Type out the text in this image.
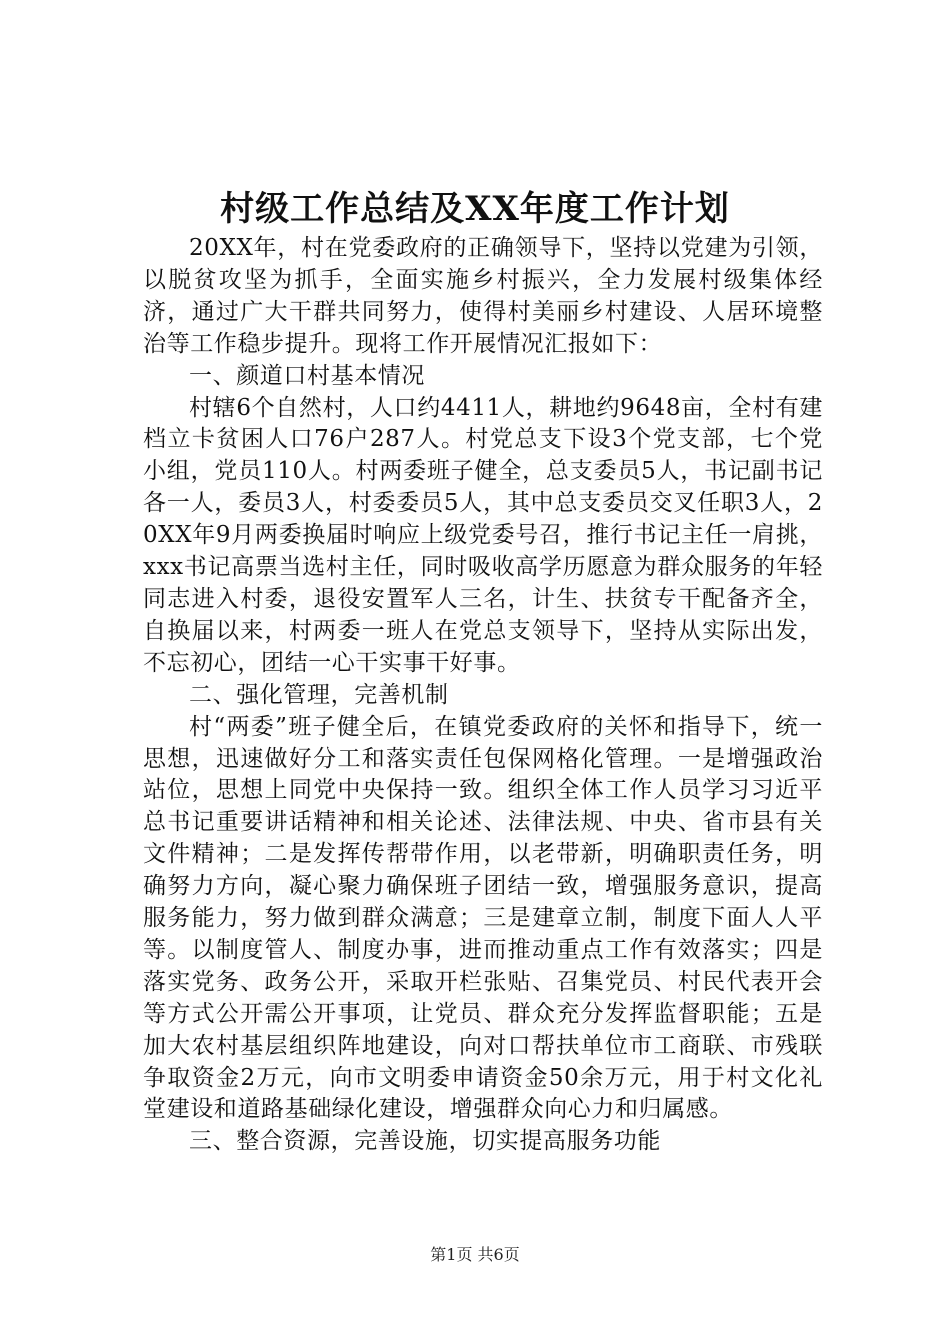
村级工作总结及XX年度工作计划

20XX年，村在党委政府的正确领导下，坚持以党建为引领，以脱贫攻坚为抓手，全面实施乡村振兴，全力发展村级集体经济，通过广大干群共同努力，使得村美丽乡村建设、人居环境整治等工作稳步提升。现将工作开展情况汇报如下：

一、颜道口村基本情况

村辖6个自然村，人口约4411人，耕地约9648亩，全村有建档立卡贫困人口76户287人。村党总支下设3个党支部，七个党小组，党员110人。村两委班子健全，总支委员5人，书记副书记各一人，委员3人，村委委员5人，其中总支委员交叉任职3人，20XX年9月两委换届时响应上级党委号召，推行书记主任一肩挑，xxx书记高票当选村主任，同时吸收高学历愿意为群众服务的年轻同志进入村委，退役安置军人三名，计生、扶贫专干配备齐全，自换届以来，村两委一班人在党总支领导下，坚持从实际出发，不忘初心，团结一心干实事干好事。

二、强化管理，完善机制

村“两委”班子健全后，在镇党委政府的关怀和指导下，统一思想，迅速做好分工和落实责任包保网格化管理。一是增强政治站位，思想上同党中央保持一致。组织全体工作人员学习习近平总书记重要讲话精神和相关论述、法律法规、中央、省市县有关文件精神；二是发挥传帮带作用，以老带新，明确职责任务，明确努力方向，凝心聚力确保班子团结一致，增强服务意识，提高服务能力，努力做到群众满意；三是建章立制，制度下面人人平等。以制度管人、制度办事，进而推动重点工作有效落实；四是落实党务、政务公开，采取开栏张贴、召集党员、村民代表开会等方式公开需公开事项，让党员、群众充分发挥监督职能；五是加大农村基层组织阵地建设，向对口帮扶单位市工商联、市残联争取资金2万元，向市文明委申请资金50余万元，用于村文化礼堂建设和道路基础绿化建设，增强群众向心力和归属感。

三、整合资源，完善设施，切实提高服务功能

第1页 共6页
